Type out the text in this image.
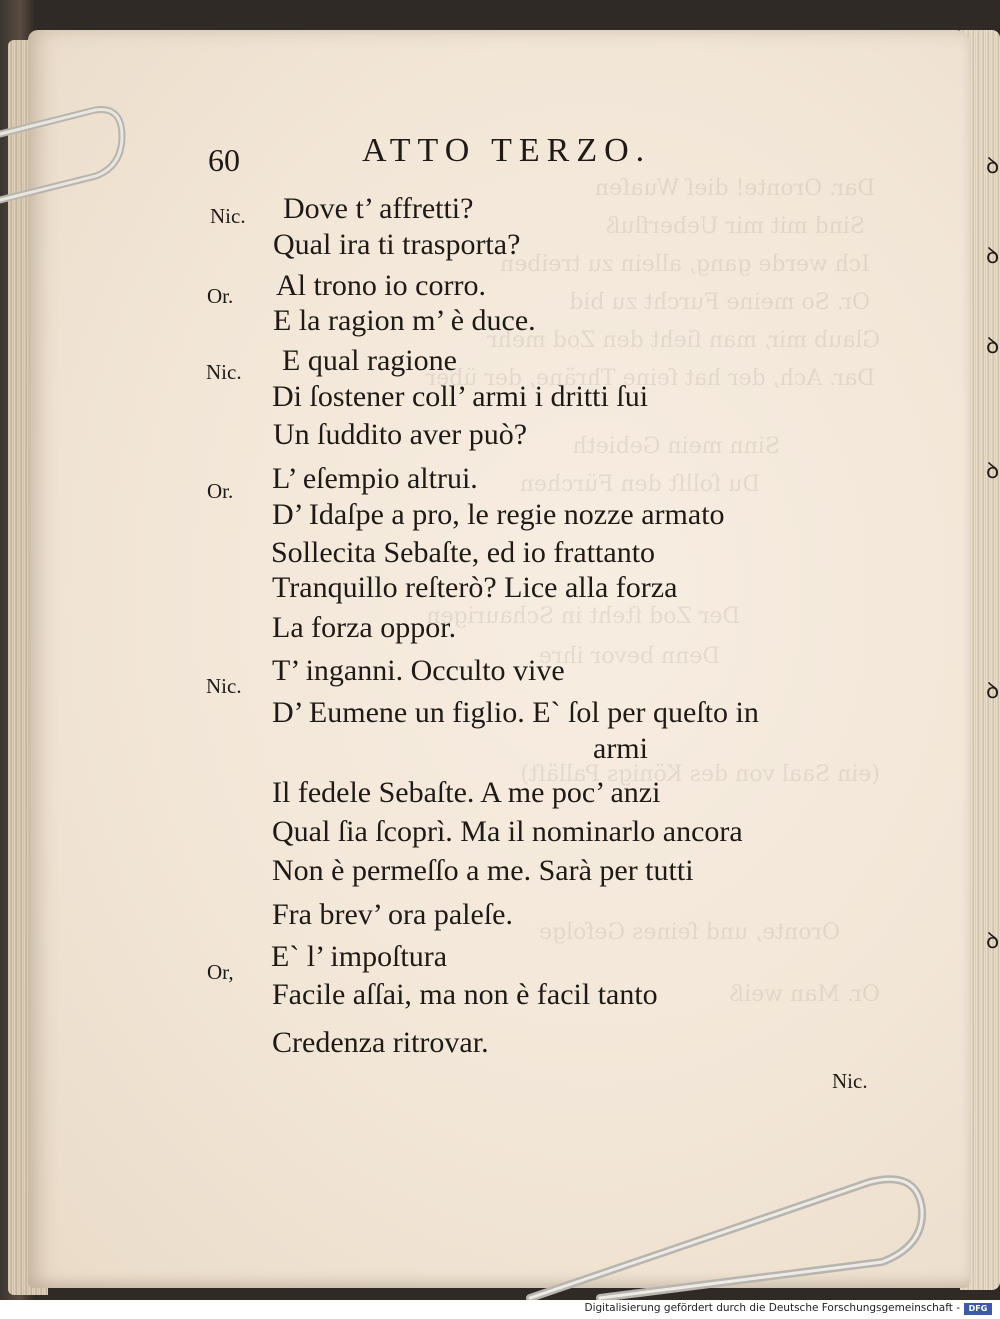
Dar. Oronte! dieſ Wuaſen
Sind mit mir Ueberfluß
Ich werde gang, allein zu treiben
Or. So meine Furcht zu bid
Glaub mir, man ſieht den Zod mehr
Dar. Ach, der hat ſeine Thräne, der über
Sinn mein Gebieth
Du ſollſt den Fürchen
Der Zod ſteht in Schaurigen
Denn bevor ihre
(ein Saal von des Königs Palläſt)
Oronte, und ſeines Gefolge
Or. Man weiß
ꝺ
ꝺ
ꝺ
ꝺ
ꝺ
ꝺ
60	ATTO TERZO.
Nic.
Or.
Nic.
Or.
Nic.
Or,
Dove t’ affretti?
Qual ira ti trasporta?
Al trono io corro.
E la ragion m’ è duce.
E qual ragione
Di ſostener coll’ armi i dritti ſui
Un ſuddito aver può?
L’ eſempio altrui.
D’ Idaſpe a pro, le regie nozze armato
Sollecita Sebaſte, ed io frattanto
Tranquillo reſterò? Lice alla forza
La forza oppor.
T’ inganni. Occulto vive
D’ Eumene un figlio. E` ſol per queſto in
armi
Il fedele Sebaſte. A me poc’ anzi
Qual ſia ſcoprì. Ma il nominarlo ancora
Non è permeſſo a me. Sarà per tutti
Fra brev’ ora paleſe.
E` l’ impoſtura
Facile aſſai, ma non è facil tanto
Credenza ritrovar.
Nic.
Digitalisierung gefördert durch die Deutsche Forschungsgemeinschaft -	DFG
